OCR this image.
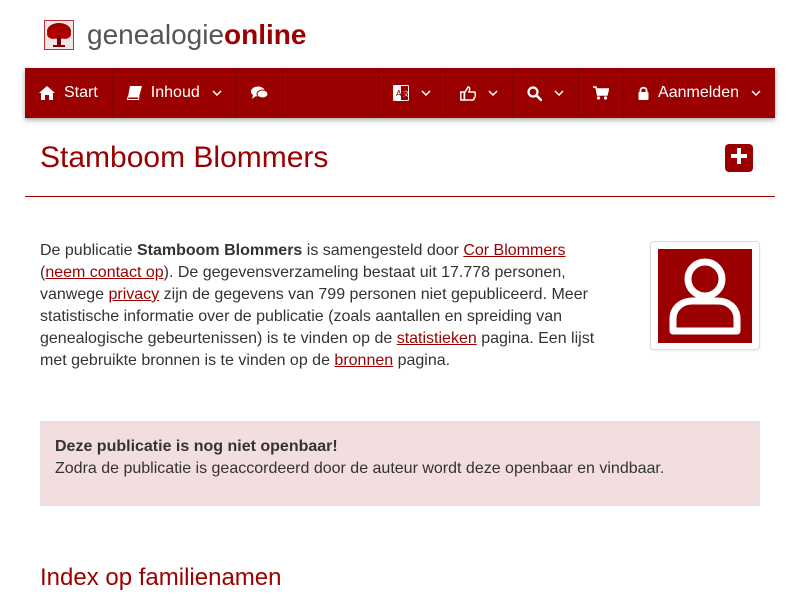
genealogieonline
Start	Inhoud	A 文	Aanmelden
Stamboom Blommers

De publicatie Stamboom Blommers is samengesteld door Cor Blommers
(neem contact op). De gegevensverzameling bestaat uit 17.778 personen, vanwege privacy zijn de gegevens van 799 personen niet gepubliceerd. Meer statistische informatie over de publicatie (zoals aantallen en spreiding van genealogische gebeurtenissen) is te vinden op de statistieken pagina. Een lijst met gebruikte bronnen is te vinden op de bronnen pagina.

Deze publicatie is nog niet openbaar!
Zodra de publicatie is geaccordeerd door de auteur wordt deze openbaar en vindbaar.
Index op familienamen
